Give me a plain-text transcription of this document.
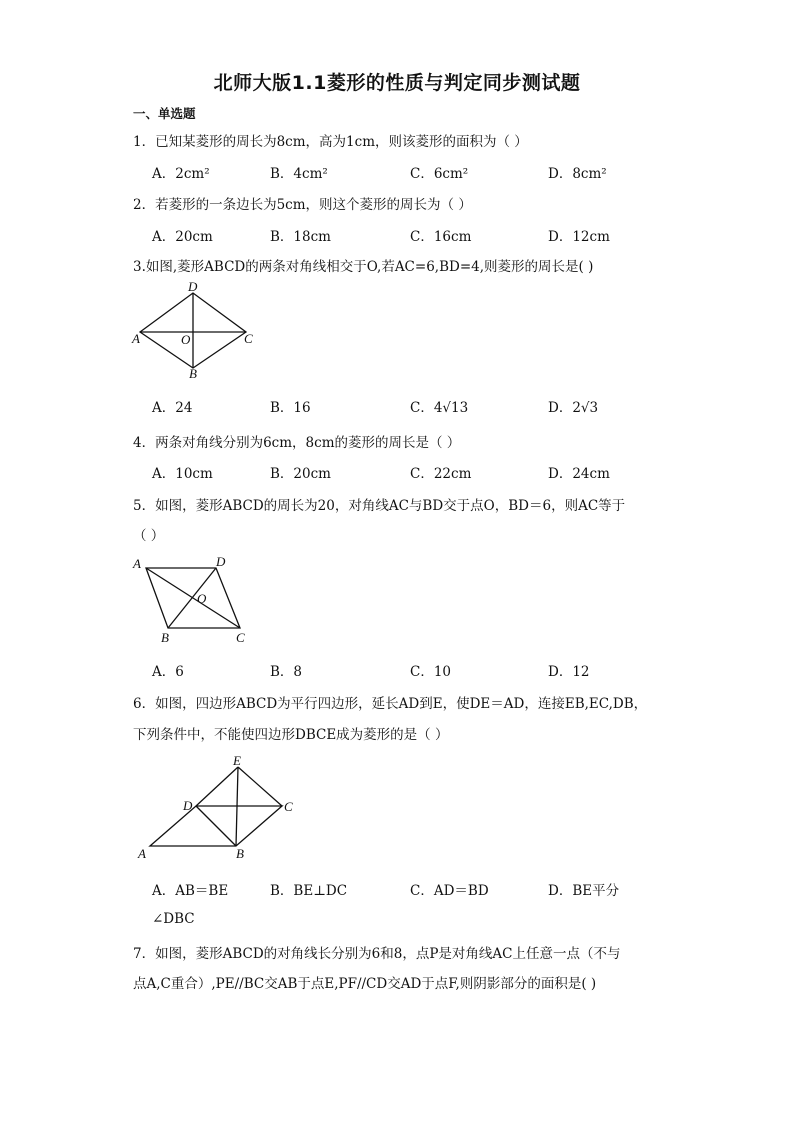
北师大版1.1菱形的性质与判定同步测试题
一、单选题
1．已知某菱形的周长为8cm，高为1cm，则该菱形的面积为（ ）
A．2cm²	B．4cm²	C．6cm²	D．8cm²
2．若菱形的一条边长为5cm，则这个菱形的周长为（ ）
A．20cm	B．18cm	C．16cm	D．12cm
3.如图,菱形ABCD的两条对角线相交于O,若AC=6,BD=4,则菱形的周长是( )
D
A	O	C
B
A．24	B．16	C．4√13	D．2√3
4．两条对角线分别为6cm，8cm的菱形的周长是（ ）
A．10cm	B．20cm	C．22cm	D．24cm
5．如图，菱形ABCD的周长为20，对角线AC与BD交于点O，BD＝6，则AC等于
（ ）
A	D
O
B	C
A．6	B．8	C．10	D．12
6．如图，四边形ABCD为平行四边形，延长AD到E，使DE＝AD，连接EB,EC,DB，
下列条件中，不能使四边形DBCE成为菱形的是（ ）
E
D	C
A	B
A．AB＝BE	B．BE⊥DC	C．AD＝BD	D．BE平分
∠DBC
7．如图，菱形ABCD的对角线长分别为6和8，点P是对角线AC上任意一点（不与
点A,C重合）,PE//BC交AB于点E,PF//CD交AD于点F,则阴影部分的面积是( )
